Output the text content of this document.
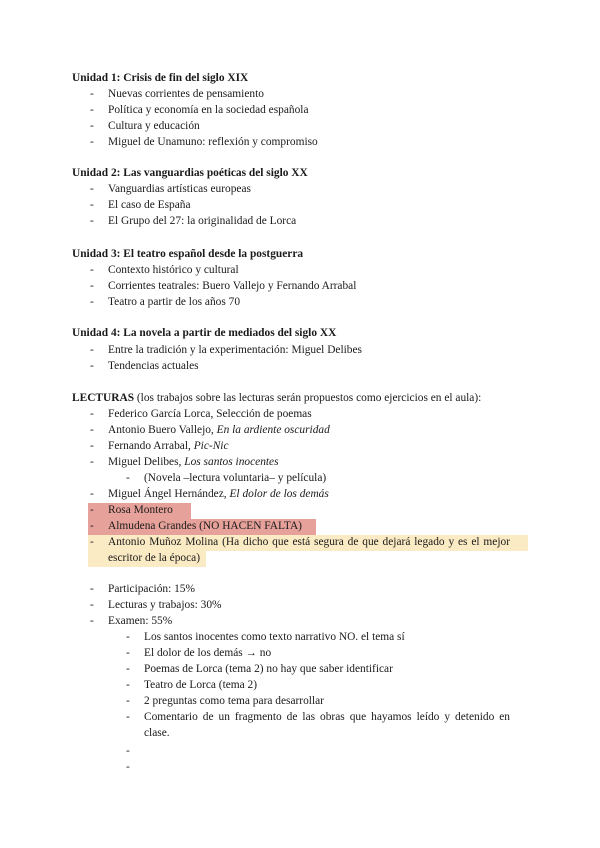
Unidad 1: Crisis de fin del siglo XIX
- Nuevas corrientes de pensamiento
- Política y economía en la sociedad española
- Cultura y educación
- Miguel de Unamuno: reflexión y compromiso
Unidad 2: Las vanguardias poéticas del siglo XX
- Vanguardias artísticas europeas
- El caso de España
- El Grupo del 27: la originalidad de Lorca
Unidad 3: El teatro español desde la postguerra
- Contexto histórico y cultural
- Corrientes teatrales: Buero Vallejo y Fernando Arrabal
- Teatro a partir de los años 70
Unidad 4: La novela a partir de mediados del siglo XX
- Entre la tradición y la experimentación: Miguel Delibes
- Tendencias actuales
LECTURAS (los trabajos sobre las lecturas serán propuestos como ejercicios en el aula):
- Federico García Lorca, Selección de poemas
- Antonio Buero Vallejo, En la ardiente oscuridad
- Fernando Arrabal, Pic-Nic
- Miguel Delibes, Los santos inocentes
- (Novela –lectura voluntaria– y película)
- Miguel Ángel Hernández, El dolor de los demás
- Rosa Montero
- Almudena Grandes (NO HACEN FALTA)
- Antonio Muñoz Molina (Ha dicho que está segura de que dejará legado y es el mejor escritor de la época)
- Participación: 15%
- Lecturas y trabajos: 30%
- Examen: 55%
- Los santos inocentes como texto narrativo NO. el tema sí
- El dolor de los demás → no
- Poemas de Lorca (tema 2) no hay que saber identificar
- Teatro de Lorca (tema 2)
- 2 preguntas como tema para desarrollar
- Comentario de un fragmento de las obras que hayamos leído y detenido en clase.
-
-
